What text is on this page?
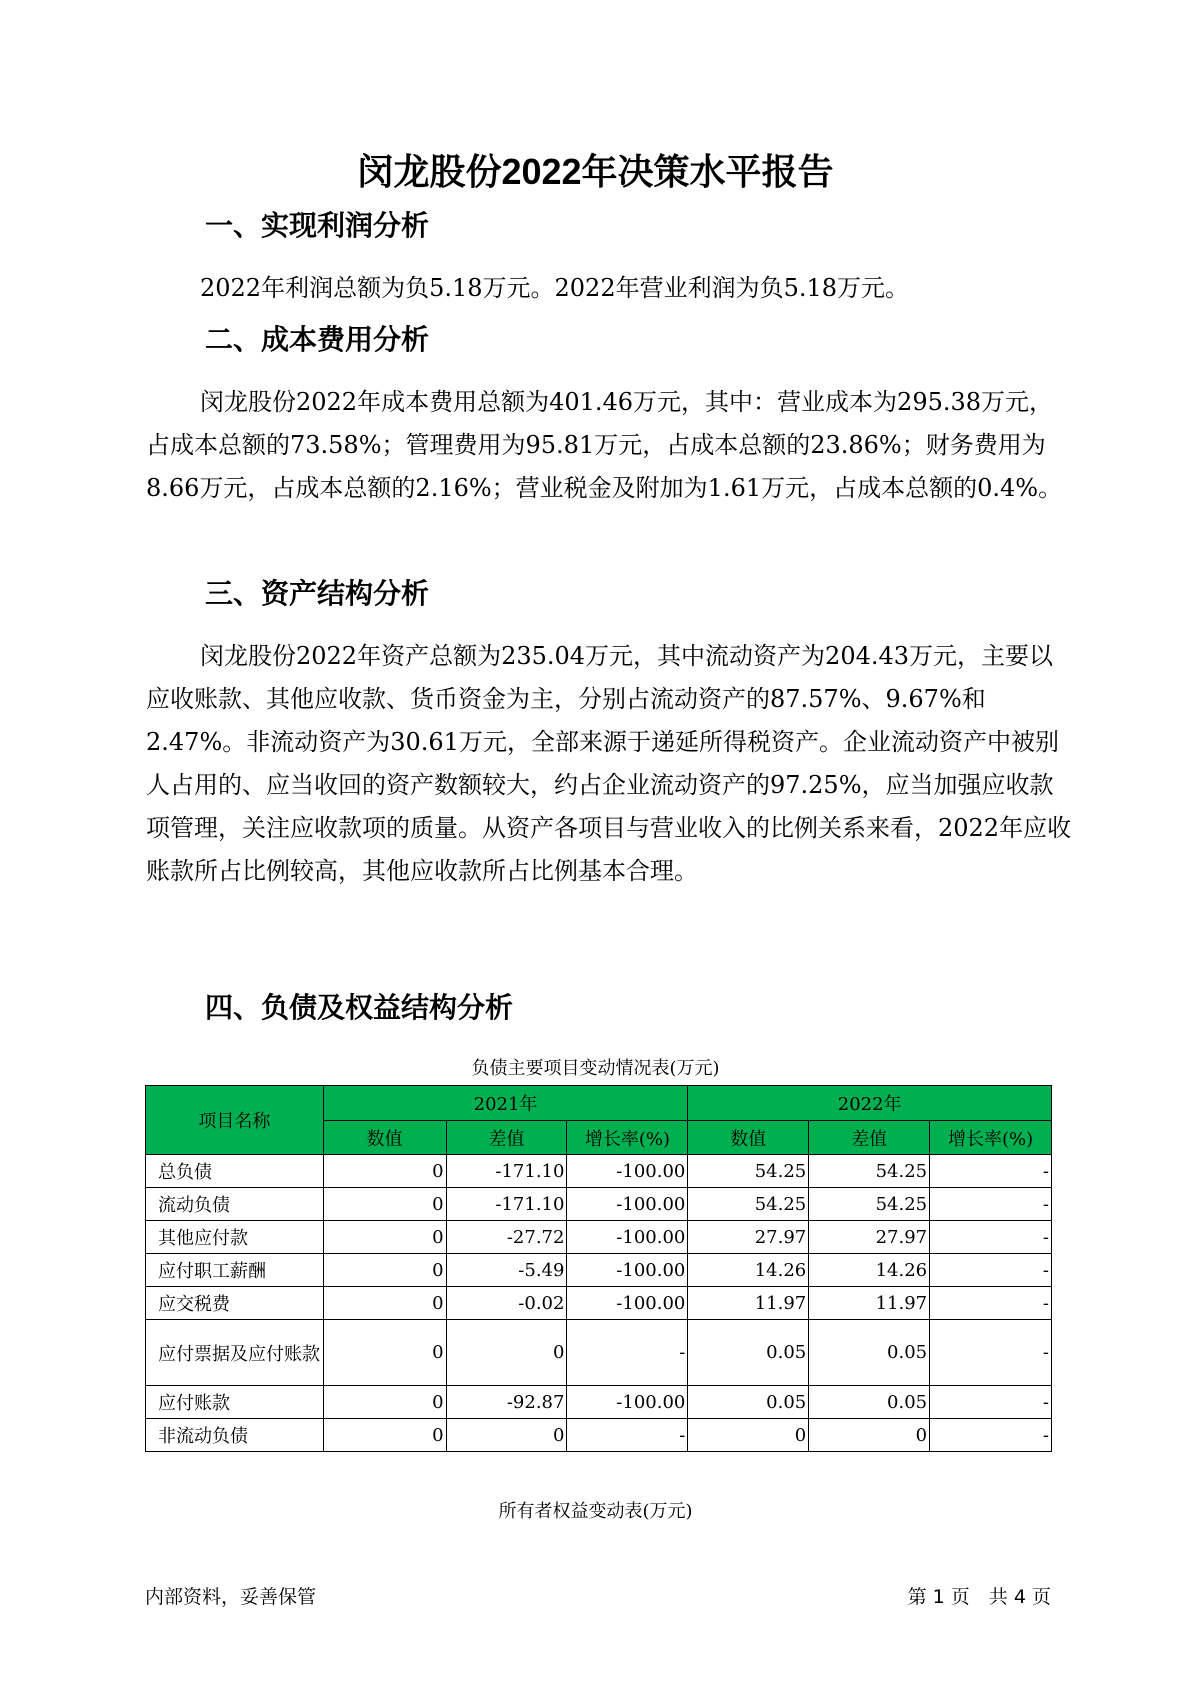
闵龙股份2022年决策水平报告
一、实现利润分析

2022年利润总额为负5.18万元。2022年营业利润为负5.18万元。

二、成本费用分析

闵龙股份2022年成本费用总额为401.46万元，其中：营业成本为295.38万元，占成本总额的73.58%；管理费用为95.81万元，占成本总额的23.86%；财务费用为8.66万元，占成本总额的2.16%；营业税金及附加为1.61万元，占成本总额的0.4%。

三、资产结构分析

闵龙股份2022年资产总额为235.04万元，其中流动资产为204.43万元，主要以应收账款、其他应收款、货币资金为主，分别占流动资产的87.57%、9.67%和2.47%。非流动资产为30.61万元，全部来源于递延所得税资产。企业流动资产中被别人占用的、应当收回的资产数额较大，约占企业流动资产的97.25%，应当加强应收款项管理，关注应收款项的质量。从资产各项目与营业收入的比例关系来看，2022年应收账款所占比例较高，其他应收款所占比例基本合理。

四、负债及权益结构分析
负债主要项目变动情况表(万元)
项目名称	2021年			2022年		
	数值	差值	增长率(%)	数值	差值	增长率(%)
总负债	0	-171.10	-100.00	54.25	54.25	-
流动负债	0	-171.10	-100.00	54.25	54.25	-
其他应付款	0	-27.72	-100.00	27.97	27.97	-
应付职工薪酬	0	-5.49	-100.00	14.26	14.26	-
应交税费	0	-0.02	-100.00	11.97	11.97	-
应付票据及应付账款	0	0	-	0.05	0.05	-
应付账款	0	-92.87	-100.00	0.05	0.05	-
非流动负债	0	0	-	0	0	-
所有者权益变动表(万元)
内部资料，妥善保管	第 1 页　共 4 页
